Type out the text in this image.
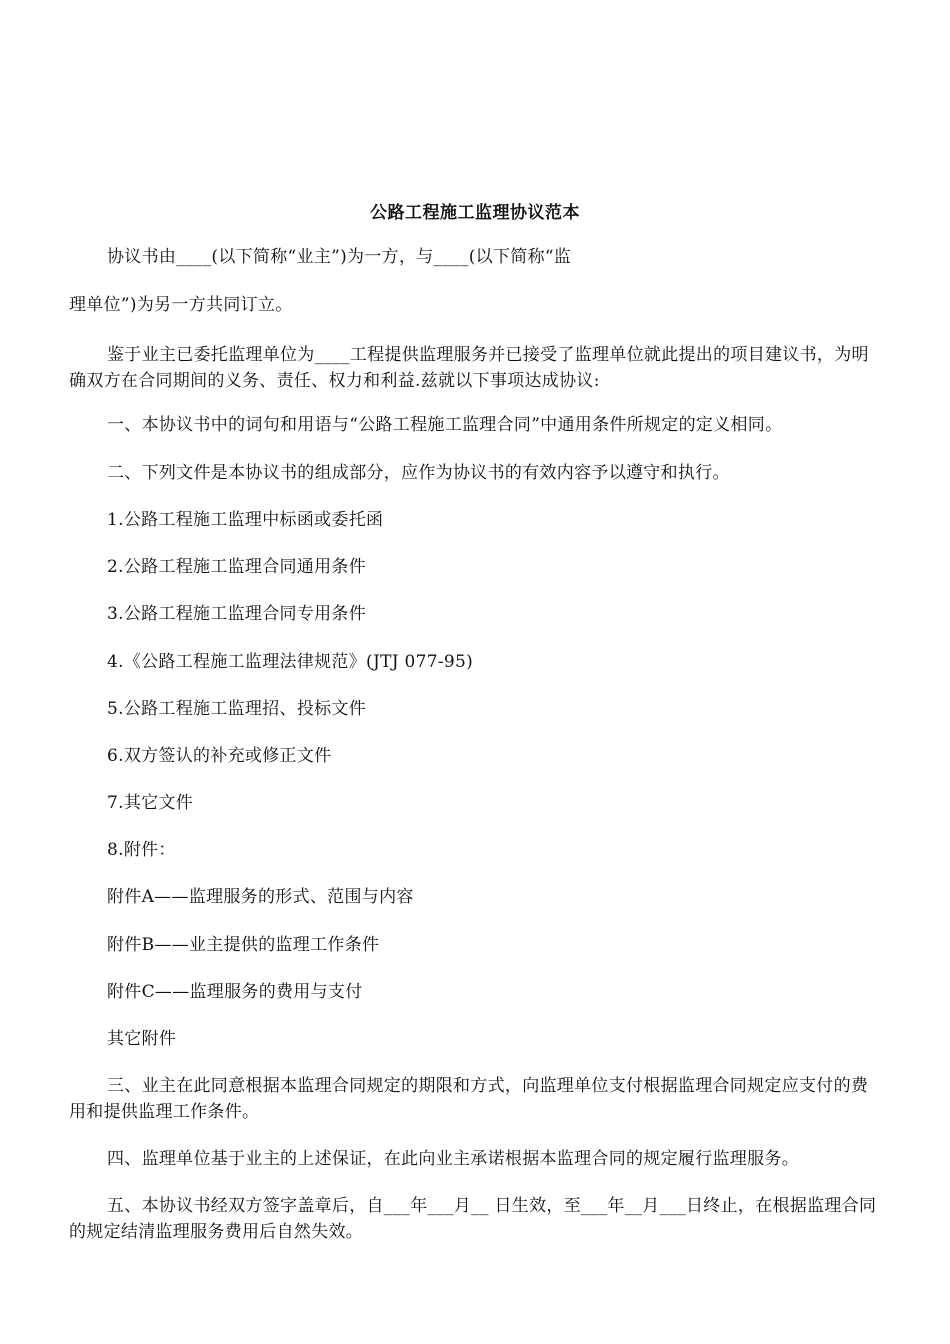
公路工程施工监理协议范本
协议书由____(以下简称“业主”)为一方，与____(以下简称“监
理单位”)为另一方共同订立。
鉴于业主已委托监理单位为____工程提供监理服务并已接受了监理单位就此提出的项目建议书，为明确双方在合同期间的义务、责任、权力和利益.兹就以下事项达成协议:
一、本协议书中的词句和用语与“公路工程施工监理合同”中通用条件所规定的定义相同。
二、下列文件是本协议书的组成部分，应作为协议书的有效内容予以遵守和执行。
1.公路工程施工监理中标函或委托函
2.公路工程施工监理合同通用条件
3.公路工程施工监理合同专用条件
4.《公路工程施工监理法律规范》(JTJ 077-95)
5.公路工程施工监理招、投标文件
6.双方签认的补充或修正文件
7.其它文件
8.附件：
附件A——监理服务的形式、范围与内容
附件B——业主提供的监理工作条件
附件C——监理服务的费用与支付
其它附件
三、业主在此同意根据本监理合同规定的期限和方式，向监理单位支付根据监理合同规定应支付的费用和提供监理工作条件。
四、监理单位基于业主的上述保证，在此向业主承诺根据本监理合同的规定履行监理服务。
五、本协议书经双方签字盖章后，自___年___月__ 日生效，至___年__月___日终止，在根据监理合同的规定结清监理服务费用后自然失效。
